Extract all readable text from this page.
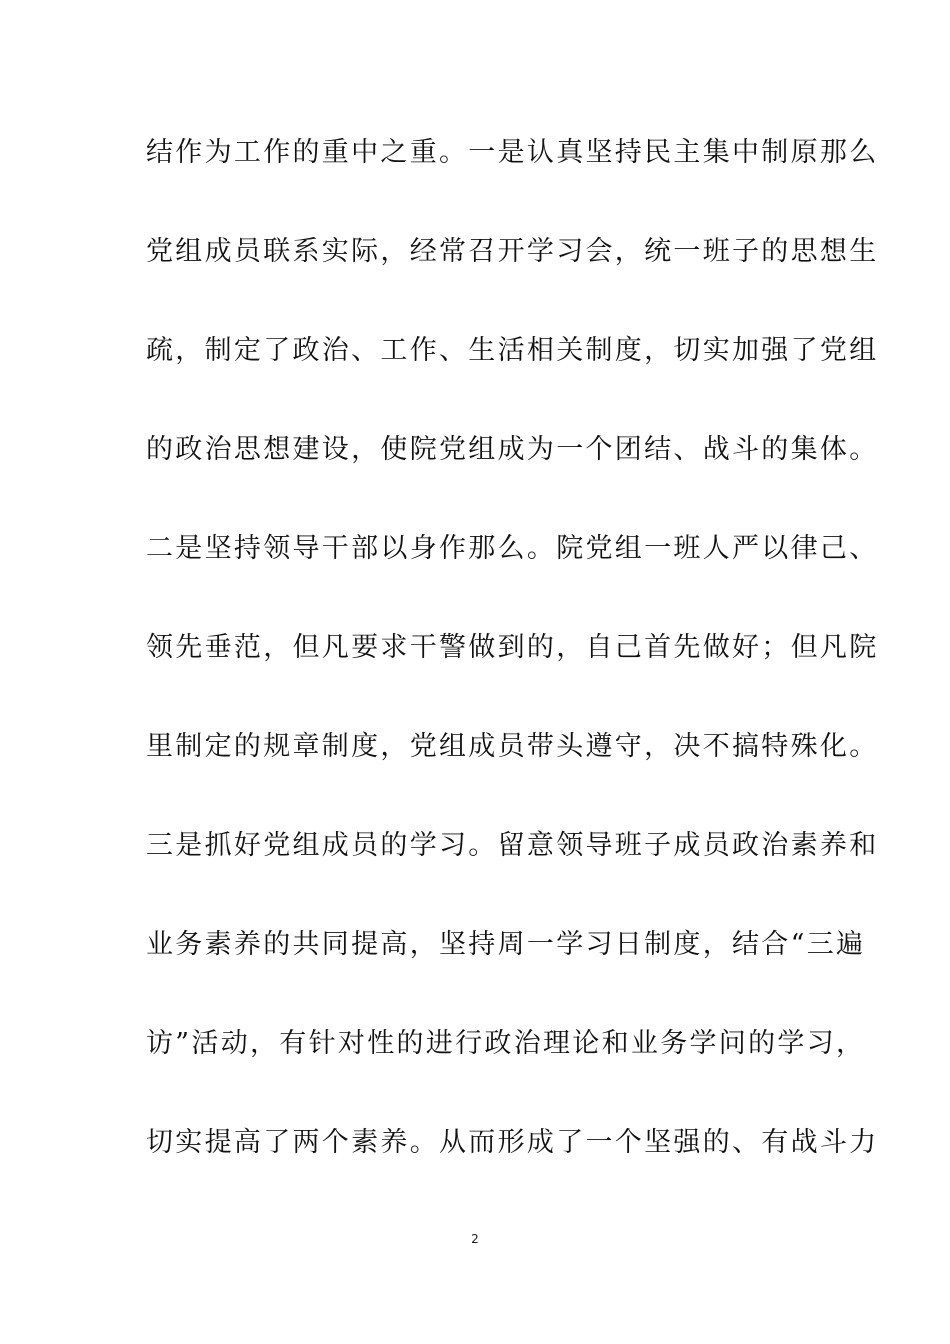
结作为工作的重中之重。一是认真坚持民主集中制原那么
党组成员联系实际，经常召开学习会，统一班子的思想生
疏，制定了政治、工作、生活相关制度，切实加强了党组
的政治思想建设，使院党组成为一个团结、战斗的集体。
二是坚持领导干部以身作那么。院党组一班人严以律己、
领先垂范，但凡要求干警做到的，自己首先做好；但凡院
里制定的规章制度，党组成员带头遵守，决不搞特殊化。
三是抓好党组成员的学习。留意领导班子成员政治素养和
业务素养的共同提高，坚持周一学习日制度，结合“三遍
访”活动，有针对性的进行政治理论和业务学问的学习，
切实提高了两个素养。从而形成了一个坚强的、有战斗力
2
